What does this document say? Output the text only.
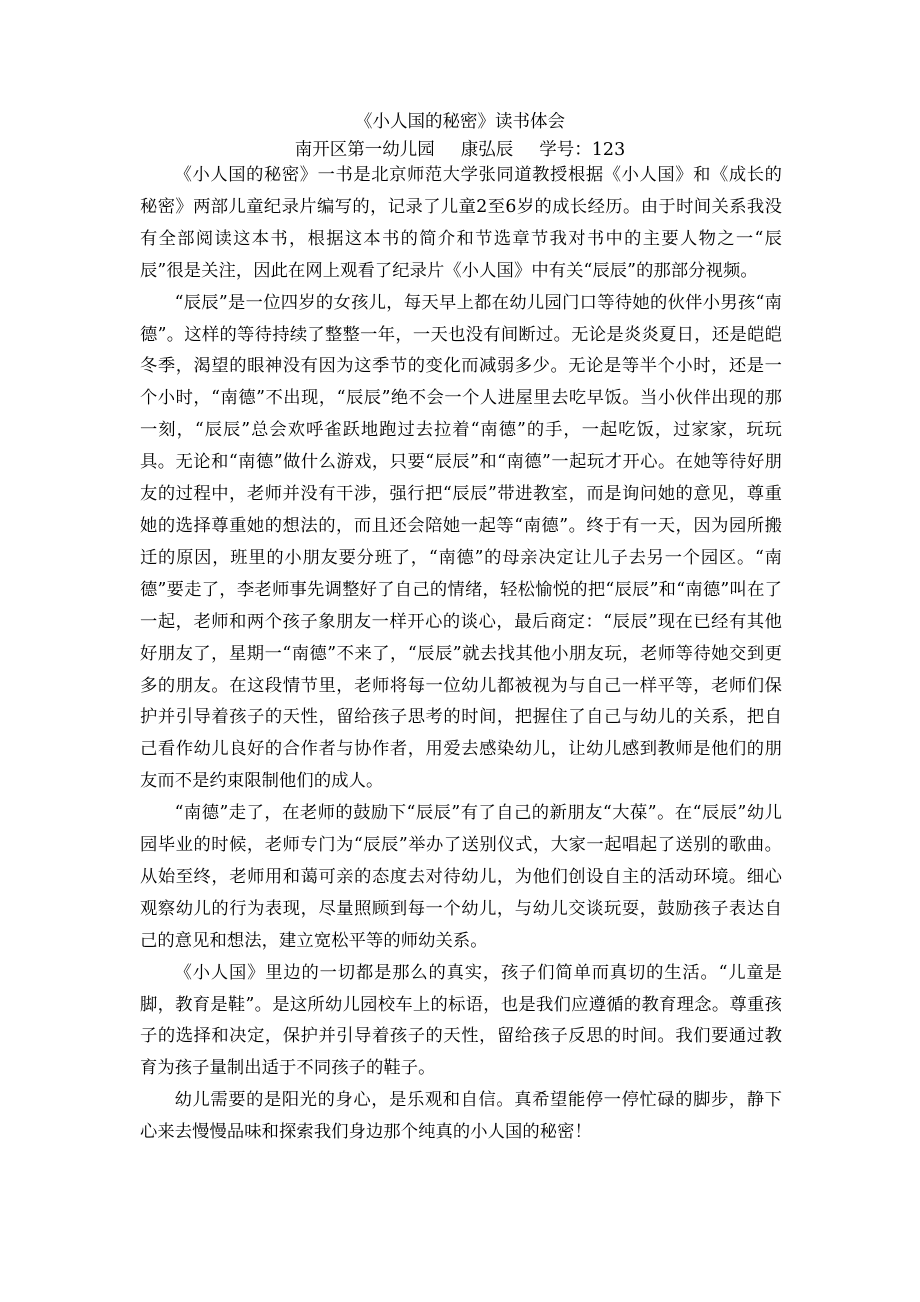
《小人国的秘密》读书体会
南开区第一幼儿园 康弘辰 学号：123

《小人国的秘密》一书是北京师范大学张同道教授根据《小人国》和《成长的秘密》两部儿童纪录片编写的，记录了儿童2至6岁的成长经历。由于时间关系我没有全部阅读这本书，根据这本书的简介和节选章节我对书中的主要人物之一“辰辰”很是关注，因此在网上观看了纪录片《小人国》中有关“辰辰”的那部分视频。

“辰辰”是一位四岁的女孩儿，每天早上都在幼儿园门口等待她的伙伴小男孩“南德”。这样的等待持续了整整一年，一天也没有间断过。无论是炎炎夏日，还是皑皑冬季，渴望的眼神没有因为这季节的变化而减弱多少。无论是等半个小时，还是一个小时，“南德”不出现，“辰辰”绝不会一个人进屋里去吃早饭。当小伙伴出现的那一刻，“辰辰”总会欢呼雀跃地跑过去拉着“南德”的手，一起吃饭，过家家，玩玩具。无论和“南德”做什么游戏，只要“辰辰”和“南德”一起玩才开心。在她等待好朋友的过程中，老师并没有干涉，强行把“辰辰”带进教室，而是询问她的意见，尊重她的选择尊重她的想法的，而且还会陪她一起等“南德”。终于有一天，因为园所搬迁的原因，班里的小朋友要分班了，“南德”的母亲决定让儿子去另一个园区。“南德”要走了，李老师事先调整好了自己的情绪，轻松愉悦的把“辰辰”和“南德”叫在了一起，老师和两个孩子象朋友一样开心的谈心，最后商定：“辰辰”现在已经有其他好朋友了，星期一“南德”不来了，“辰辰”就去找其他小朋友玩，老师等待她交到更多的朋友。在这段情节里，老师将每一位幼儿都被视为与自己一样平等，老师们保护并引导着孩子的天性，留给孩子思考的时间，把握住了自己与幼儿的关系，把自己看作幼儿良好的合作者与协作者，用爱去感染幼儿，让幼儿感到教师是他们的朋友而不是约束限制他们的成人。

“南德”走了，在老师的鼓励下“辰辰”有了自己的新朋友“大葆”。在“辰辰”幼儿园毕业的时候，老师专门为“辰辰”举办了送别仪式，大家一起唱起了送别的歌曲。从始至终，老师用和蔼可亲的态度去对待幼儿，为他们创设自主的活动环境。细心观察幼儿的行为表现，尽量照顾到每一个幼儿，与幼儿交谈玩耍，鼓励孩子表达自己的意见和想法，建立宽松平等的师幼关系。

《小人国》里边的一切都是那么的真实，孩子们简单而真切的生活。“儿童是脚，教育是鞋”。是这所幼儿园校车上的标语，也是我们应遵循的教育理念。尊重孩子的选择和决定，保护并引导着孩子的天性，留给孩子反思的时间。我们要通过教育为孩子量制出适于不同孩子的鞋子。

幼儿需要的是阳光的身心，是乐观和自信。真希望能停一停忙碌的脚步，静下心来去慢慢品味和探索我们身边那个纯真的小人国的秘密！
